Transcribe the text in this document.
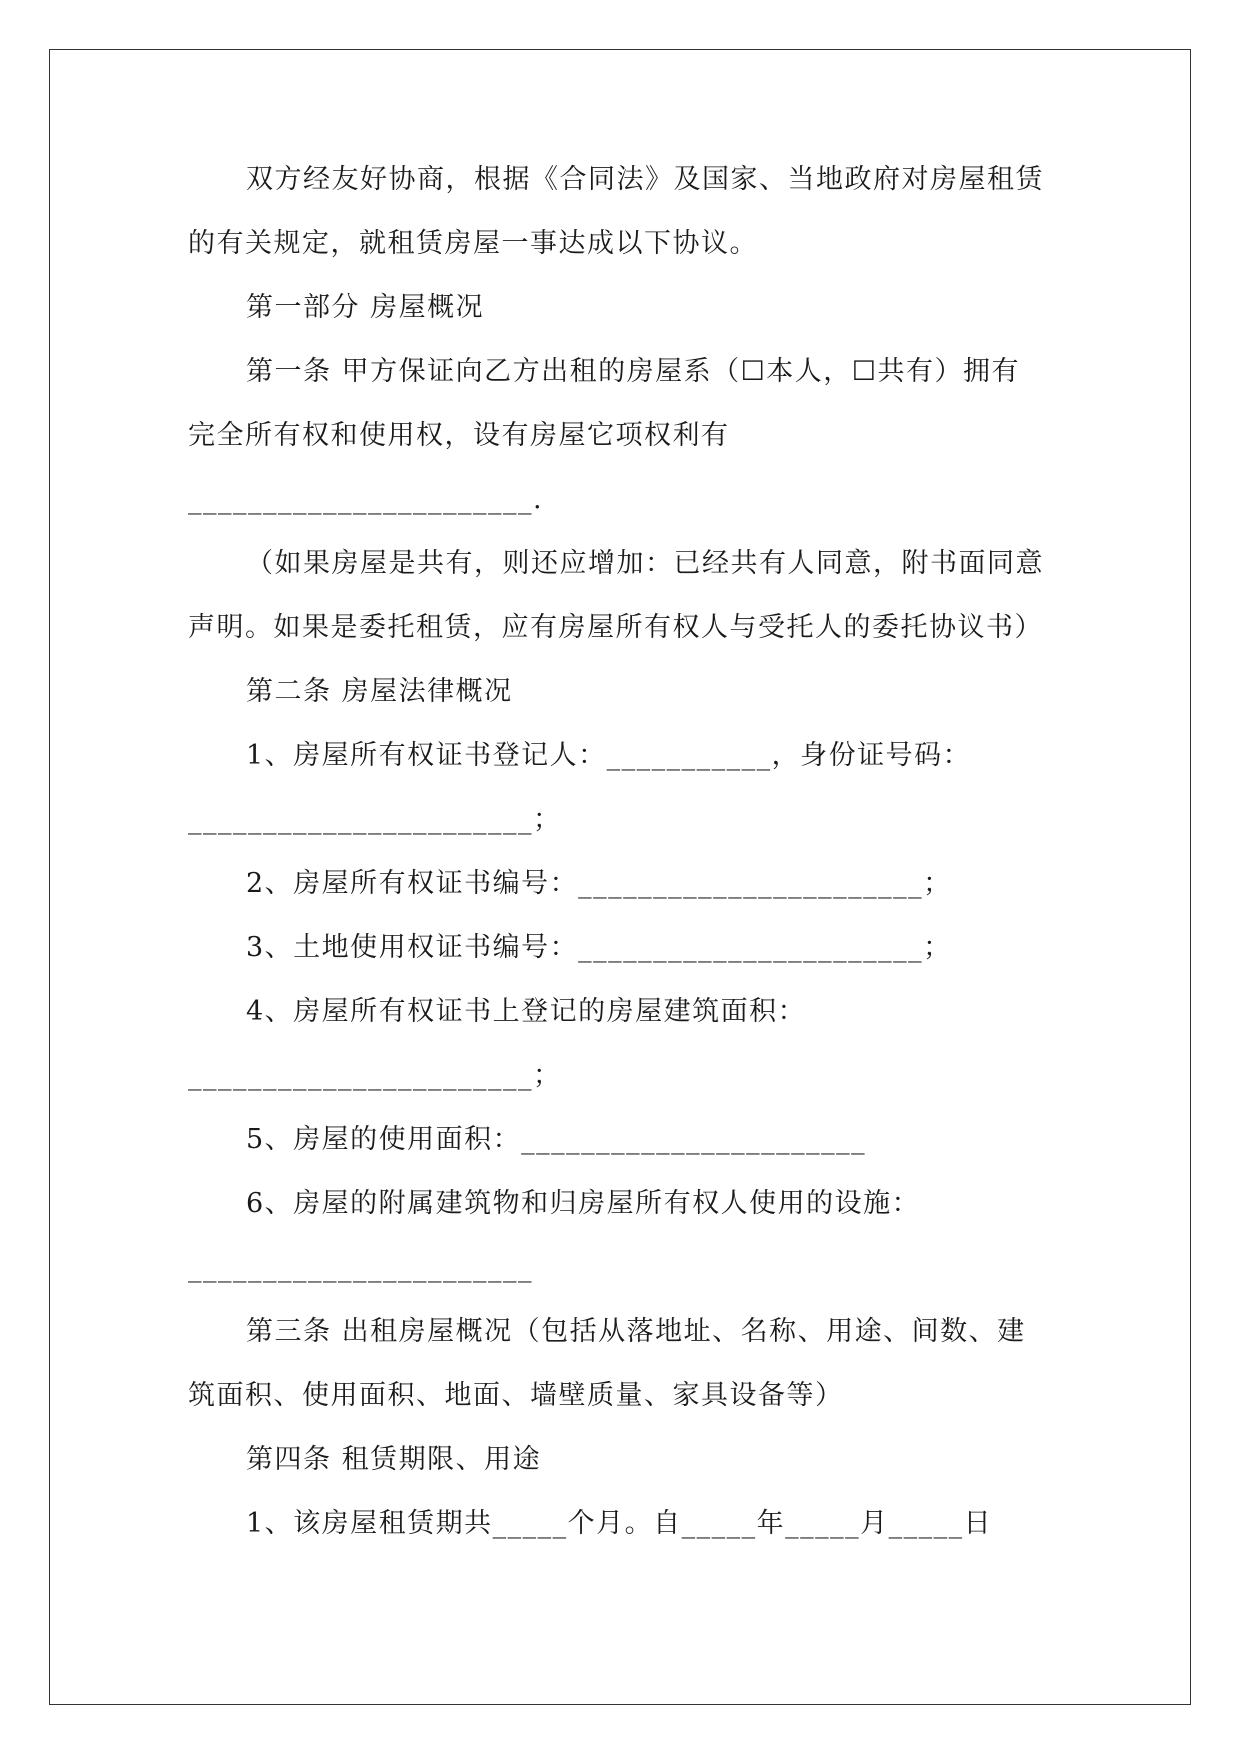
双方经友好协商，根据《合同法》及国家、当地政府对房屋租赁
的有关规定，就租赁房屋一事达成以下协议。
第一部分 房屋概况
第一条 甲方保证向乙方出租的房屋系（☐本人，☐共有）拥有
完全所有权和使用权，设有房屋它项权利有
_______________________.
（如果房屋是共有，则还应增加：已经共有人同意，附书面同意
声明。如果是委托租赁，应有房屋所有权人与受托人的委托协议书）
第二条 房屋法律概况
1、房屋所有权证书登记人：___________，身份证号码：
_______________________；
2、房屋所有权证书编号：_______________________；
3、土地使用权证书编号：_______________________；
4、房屋所有权证书上登记的房屋建筑面积：
_______________________；
5、房屋的使用面积：_______________________
6、房屋的附属建筑物和归房屋所有权人使用的设施：
_______________________
第三条 出租房屋概况（包括从落地址、名称、用途、间数、建
筑面积、使用面积、地面、墙壁质量、家具设备等）
第四条 租赁期限、用途
1、该房屋租赁期共_____个月。自_____年_____月_____日
